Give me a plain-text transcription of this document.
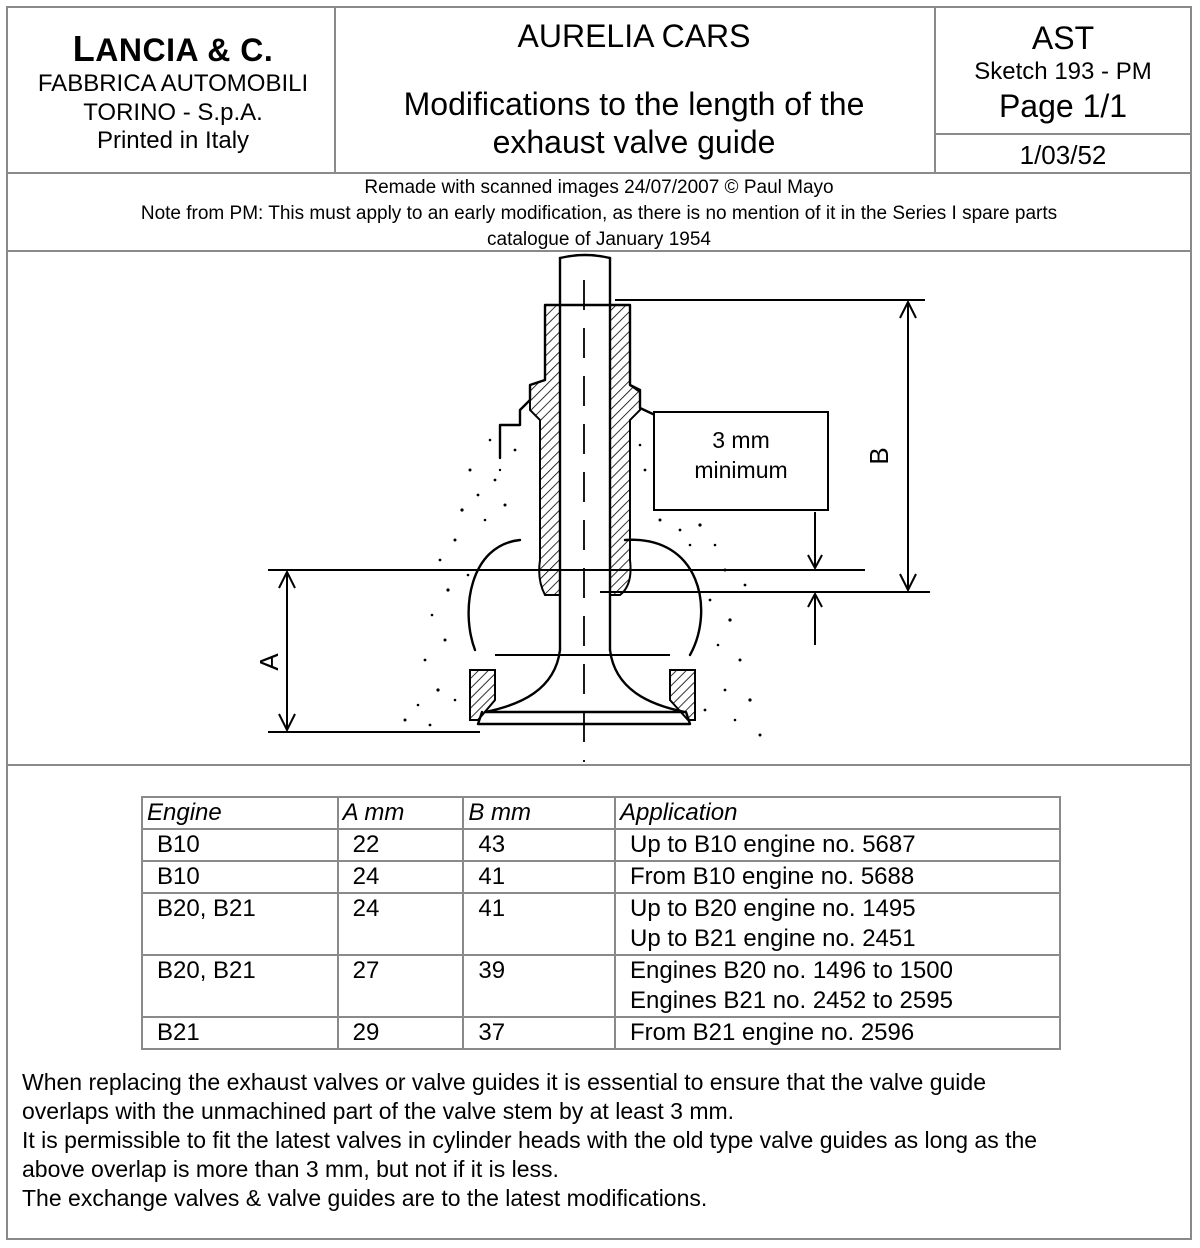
LANCIA & C.
FABBRICA AUTOMOBILI
TORINO - S.p.A.
Printed in Italy
AURELIA CARS
Modifications to the length of the
exhaust valve guide
AST
Sketch 193 - PM
Page 1/1
1/03/52
Remade with scanned images 24/07/2007 © Paul Mayo
Note from PM: This must apply to an early modification, as there is no mention of it in the Series I spare parts
catalogue of January 1954
A
B
3 mm
minimum
Engine	A mm	B mm	Application
B10	22	43	Up to B10 engine no. 5687

B10	24	41	From B10 engine no. 5688

B20, B21	24	41	Up to B20 engine no. 1495
Up to B21 engine no. 2451

B20, B21	27	39	Engines B20 no. 1496 to 1500
Engines B21 no. 2452 to 2595

B21	29	37	From B21 engine no. 2596
When replacing the exhaust valves or valve guides it is essential to ensure that the valve guide
overlaps with the unmachined part of the valve stem by at least 3 mm.
It is permissible to fit the latest valves in cylinder heads with the old type valve guides as long as the
above overlap is more than 3 mm, but not if it is less.
The exchange valves & valve guides are to the latest modifications.
